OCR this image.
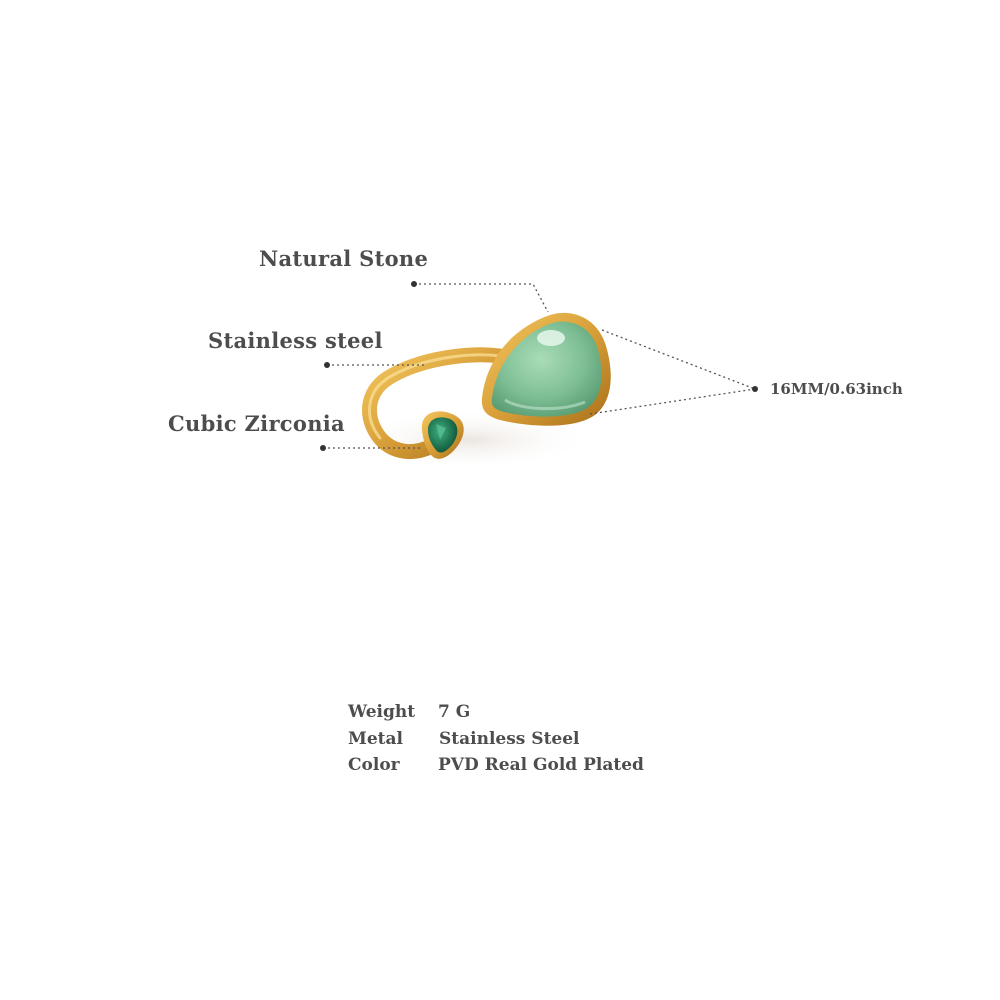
Natural Stone
Stainless steel
Cubic Zirconia
16MM/0.63inch
Weight 7 G
Metal Stainless Steel
Color PVD Real Gold Plated
